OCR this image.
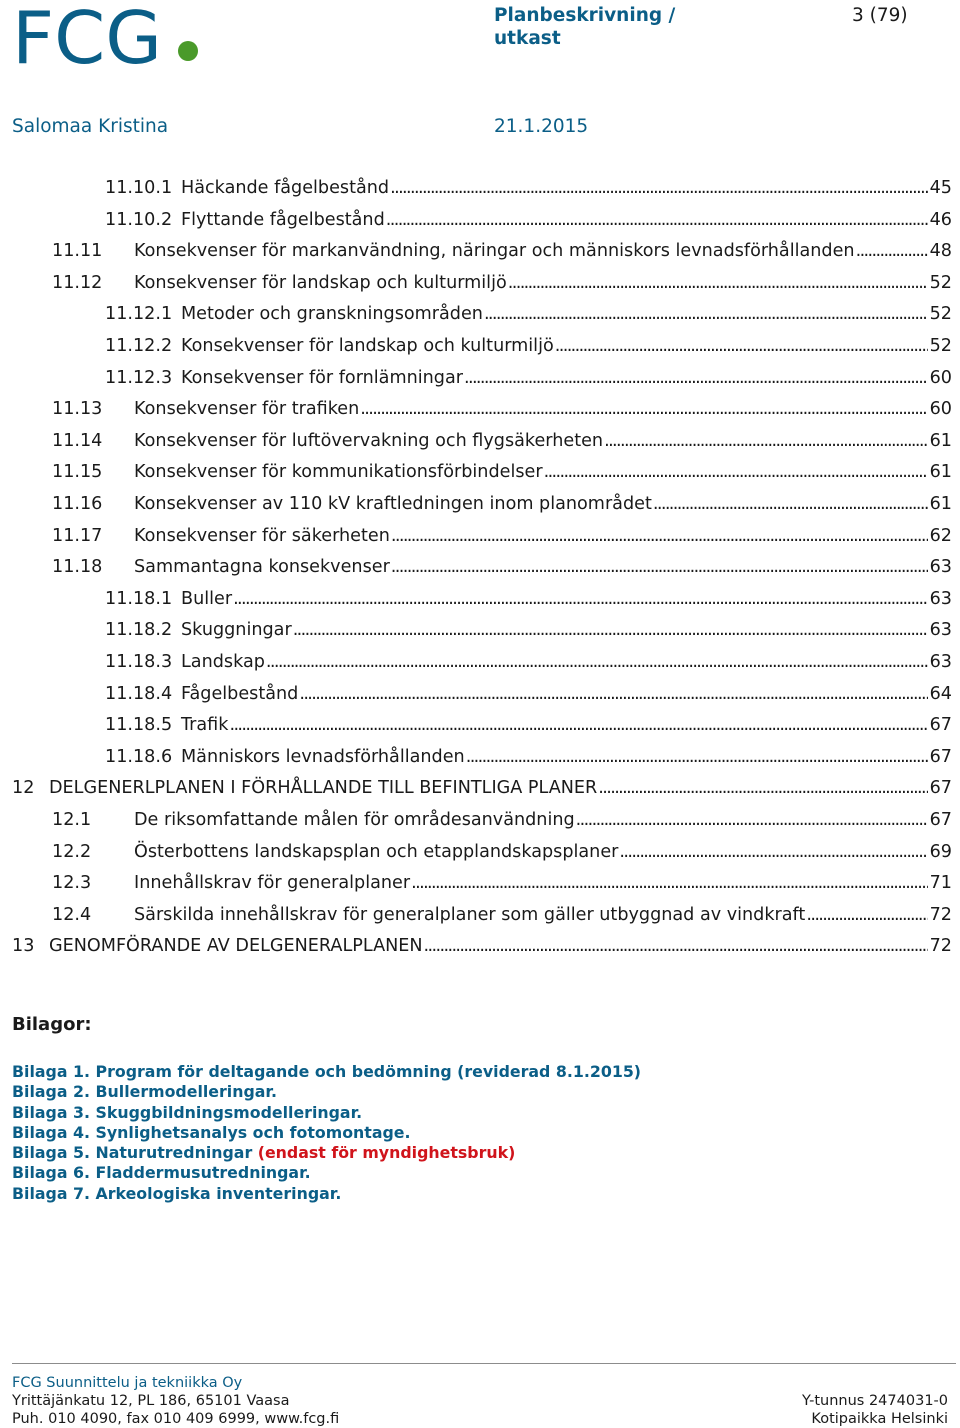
FCG	Planbeskrivning / utkast
3 (79)
Salomaa Kristina	21.1.2015
11.10.1 Häckande fågelbestånd . . .	45
11.10.2 Flyttande fågelbestånd . . .	46
11.11	Konsekvenser för markanvändning, näringar och människors levnadsförhållanden . . .	48
11.12	Konsekvenser för landskap och kulturmiljö . . .	52
11.12.1 Metoder och granskningsområden . . .	52
11.12.2 Konsekvenser för landskap och kulturmiljö . . .	52
11.12.3 Konsekvenser för fornlämningar . . .	60
11.13	Konsekvenser för trafiken . . .	60
11.14	Konsekvenser för luftövervakning och flygsäkerheten . . .	61
11.15	Konsekvenser för kommunikationsförbindelser . . .	61
11.16	Konsekvenser av 110 kV kraftledningen inom planområdet . . .	61
11.17	Konsekvenser för säkerheten . . .	62
11.18	Sammantagna konsekvenser . . .	63
11.18.1 Buller . . .	63
11.18.2 Skuggningar . . .	63
11.18.3 Landskap . . .	63
11.18.4 Fågelbestånd . . .	64
11.18.5 Trafik . . .	67
11.18.6 Människors levnadsförhållanden . . .	67
12 DELGENERLPLANEN I FÖRHÅLLANDE TILL BEFINTLIGA PLANER . . .	67
12.1	De riksomfattande målen för områdesanvändning . . .	67
12.2	Österbottens landskapsplan och etapplandskapsplaner . . .	69
12.3	Innehållskrav för generalplaner . . .	71
12.4	Särskilda innehållskrav för generalplaner som gäller utbyggnad av vindkraft . . .	72
13 GENOMFÖRANDE AV DELGENERALPLANEN . . .	72
Bilagor:
Bilaga 1. Program för deltagande och bedömning (reviderad 8.1.2015)
Bilaga 2. Bullermodelleringar.
Bilaga 3. Skuggbildningsmodelleringar.
Bilaga 4. Synlighetsanalys och fotomontage.
Bilaga 5. Naturutredningar (endast för myndighetsbruk)
Bilaga 6. Fladdermusutredningar.
Bilaga 7. Arkeologiska inventeringar.
FCG Suunnittelu ja tekniikka Oy
Yrittäjänkatu 12, PL 186, 65101 Vaasa	Y-tunnus 2474031-0
Puh. 010 4090, fax 010 409 6999, www.fcg.fi	Kotipaikka Helsinki
